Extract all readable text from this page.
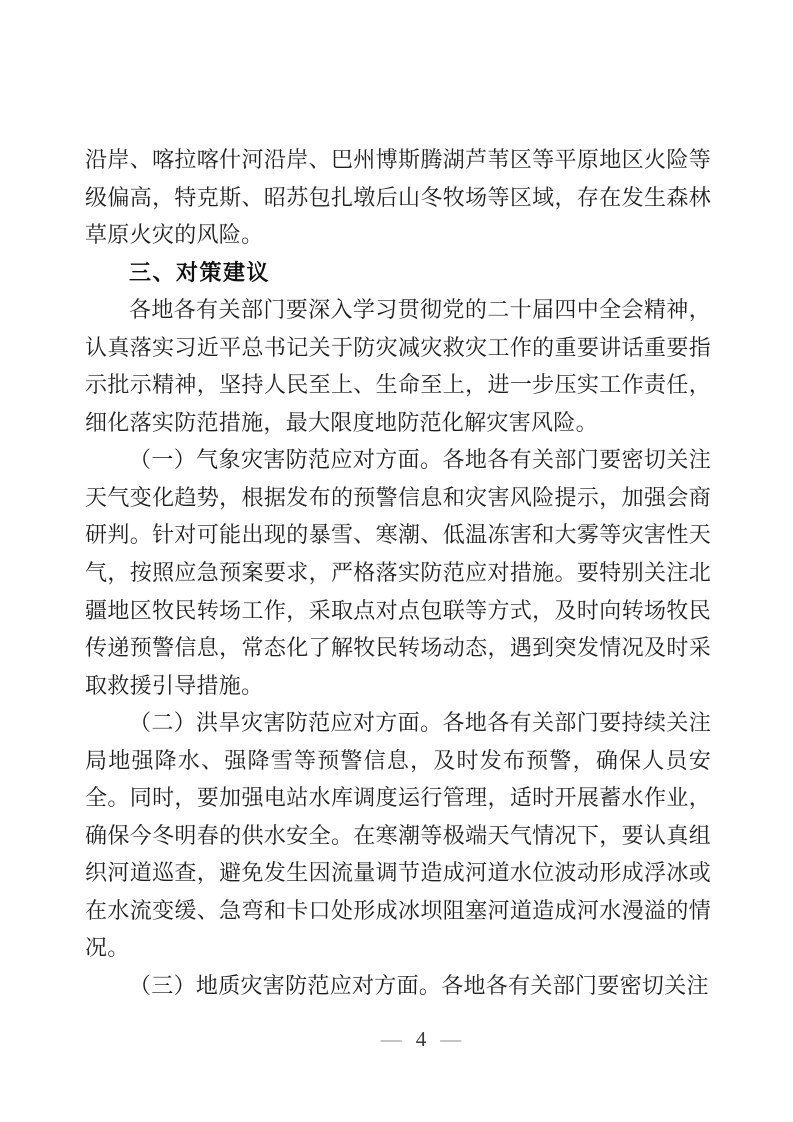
沿岸、喀拉喀什河沿岸、巴州博斯腾湖芦苇区等平原地区火险等级偏高，特克斯、昭苏包扎墩后山冬牧场等区域，存在发生森林草原火灾的风险。

三、对策建议

各地各有关部门要深入学习贯彻党的二十届四中全会精神，认真落实习近平总书记关于防灾减灾救灾工作的重要讲话重要指示批示精神，坚持人民至上、生命至上，进一步压实工作责任，细化落实防范措施，最大限度地防范化解灾害风险。

（一）气象灾害防范应对方面。各地各有关部门要密切关注天气变化趋势，根据发布的预警信息和灾害风险提示，加强会商研判。针对可能出现的暴雪、寒潮、低温冻害和大雾等灾害性天气，按照应急预案要求，严格落实防范应对措施。要特别关注北疆地区牧民转场工作，采取点对点包联等方式，及时向转场牧民传递预警信息，常态化了解牧民转场动态，遇到突发情况及时采取救援引导措施。

（二）洪旱灾害防范应对方面。各地各有关部门要持续关注局地强降水、强降雪等预警信息，及时发布预警，确保人员安全。同时，要加强电站水库调度运行管理，适时开展蓄水作业，确保今冬明春的供水安全。在寒潮等极端天气情况下，要认真组织河道巡查，避免发生因流量调节造成河道水位波动形成浮冰或在水流变缓、急弯和卡口处形成冰坝阻塞河道造成河水漫溢的情况。

（三）地质灾害防范应对方面。各地各有关部门要密切关注

— 4 —
